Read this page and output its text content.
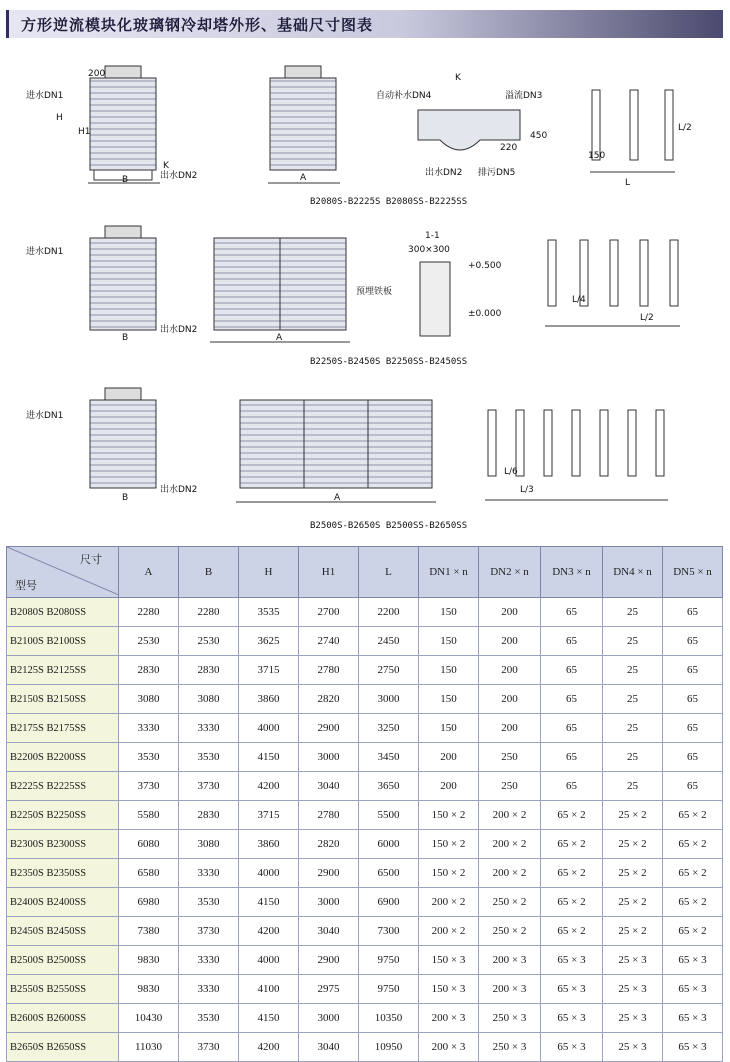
方形逆流模块化玻璃钢冷却塔外形、基础尺寸图表
200
进水DN1
H
H1
B
K
出水DN2	A
自动补水DN4	溢流DN3
K
出水DN2 排污DN5
450
220
L
L/2
150
B2080S-B2225S B2080SS-B2225SS
进水DN1
B
出水DN2
A
1-1
300×300
+0.500
±0.000
预埋铁板
L/4
L/2
B2250S-B2450S B2250SS-B2450SS
进水DN1
B
出水DN2
A
L/6
L/3
B2500S-B2650S B2500SS-B2650SS
尺寸
型号	A	B	H	H1	L	DN1 × n	DN2 × n	DN3 × n	DN4 × n	DN5 × n
B2080S B2080SS	2280	2280	3535	2700	2200	150	200	65	25	65
B2100S B2100SS	2530	2530	3625	2740	2450	150	200	65	25	65
B2125S B2125SS	2830	2830	3715	2780	2750	150	200	65	25	65
B2150S B2150SS	3080	3080	3860	2820	3000	150	200	65	25	65
B2175S B2175SS	3330	3330	4000	2900	3250	150	200	65	25	65
B2200S B2200SS	3530	3530	4150	3000	3450	200	250	65	25	65
B2225S B2225SS	3730	3730	4200	3040	3650	200	250	65	25	65
B2250S B2250SS	5580	2830	3715	2780	5500	150 × 2	200 × 2	65 × 2	25 × 2	65 × 2
B2300S B2300SS	6080	3080	3860	2820	6000	150 × 2	200 × 2	65 × 2	25 × 2	65 × 2
B2350S B2350SS	6580	3330	4000	2900	6500	150 × 2	200 × 2	65 × 2	25 × 2	65 × 2
B2400S B2400SS	6980	3530	4150	3000	6900	200 × 2	250 × 2	65 × 2	25 × 2	65 × 2
B2450S B2450SS	7380	3730	4200	3040	7300	200 × 2	250 × 2	65 × 2	25 × 2	65 × 2
B2500S B2500SS	9830	3330	4000	2900	9750	150 × 3	200 × 3	65 × 3	25 × 3	65 × 3
B2550S B2550SS	9830	3330	4100	2975	9750	150 × 3	200 × 3	65 × 3	25 × 3	65 × 3
B2600S B2600SS	10430	3530	4150	3000	10350	200 × 3	250 × 3	65 × 3	25 × 3	65 × 3
B2650S B2650SS	11030	3730	4200	3040	10950	200 × 3	250 × 3	65 × 3	25 × 3	65 × 3
